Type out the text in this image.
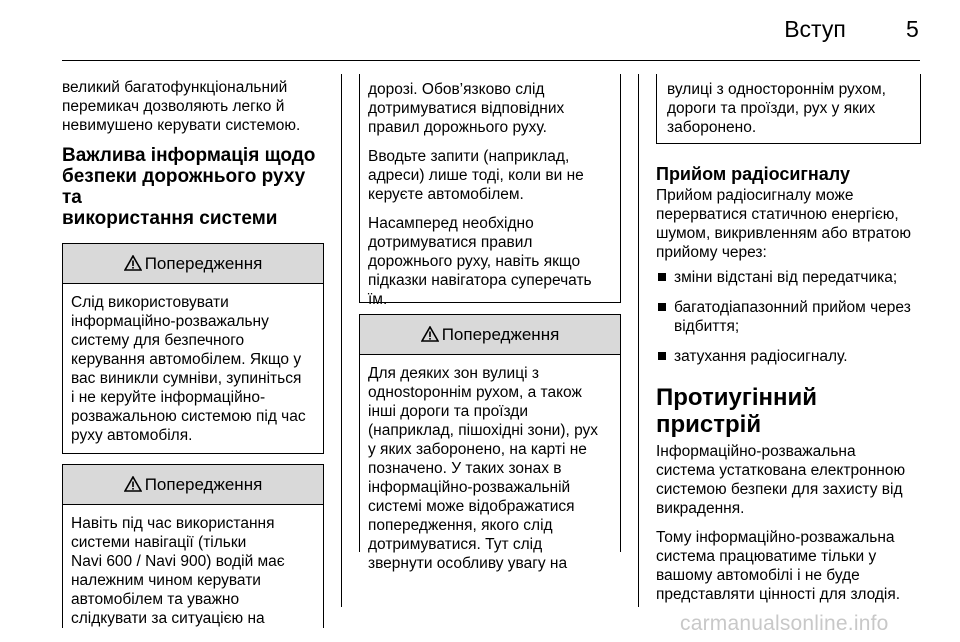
Вступ	5

великий багатофункціональний
перемикач дозволяють легко й
невимушено керувати системою.

Важлива інформація щодо
безпеки дорожнього руху та
використання системи
Попередження
Слід використовувати
інформаційно-розважальну
систему для безпечного
керування автомобілем. Якщо у
вас виникли сумніви, зупиніться
і не керуйте інформаційно-
розважальною системою під час
руху автомобіля.
Попередження
Навіть під час використання
системи навігації (тільки
Navi 600 / Navi 900) водій має
належним чином керувати
автомобілем та уважно
слідкувати за ситуацією на

дорозі. Обов’язково слід
дотримуватися відповідних
правил дорожнього руху.

Вводьте запити (наприклад,
адреси) лише тоді, коли ви не
керуєте автомобілем.

Насамперед необхідно
дотримуватися правил
дорожнього руху, навіть якщо
підказки навігатора суперечать
їм.

Попередження
Для деяких зон вулиці з
однostороннім рухом, а також
інші дороги та проїзди
(наприклад, пішохідні зони), рух
у яких заборонено, на карті не
позначено. У таких зонах в
інформаційно-розважальній
системі може відображатися
попередження, якого слід
дотримуватися. Тут слід
звернути особливу увагу на

вулиці з одностороннім рухом,
дороги та проїзди, рух у яких
заборонено.

Прийом радіосигналу

Прийом радіосигналу може
перерватися статичною енергією,
шумом, викривленням або втратою
прийому через:

зміни відстані від передатчика;
багатодіапазонний прийом через
відбиття;
затухання радіосигналу.
Протиугінний пристрій

Інформаційно-розважальна
система устаткована електронною
системою безпеки для захисту від
викрадення.

Тому інформаційно-розважальна
система працюватиме тільки у
вашому автомобілі і не буде
представляти цінності для злодія.

carmanualsonline.info
